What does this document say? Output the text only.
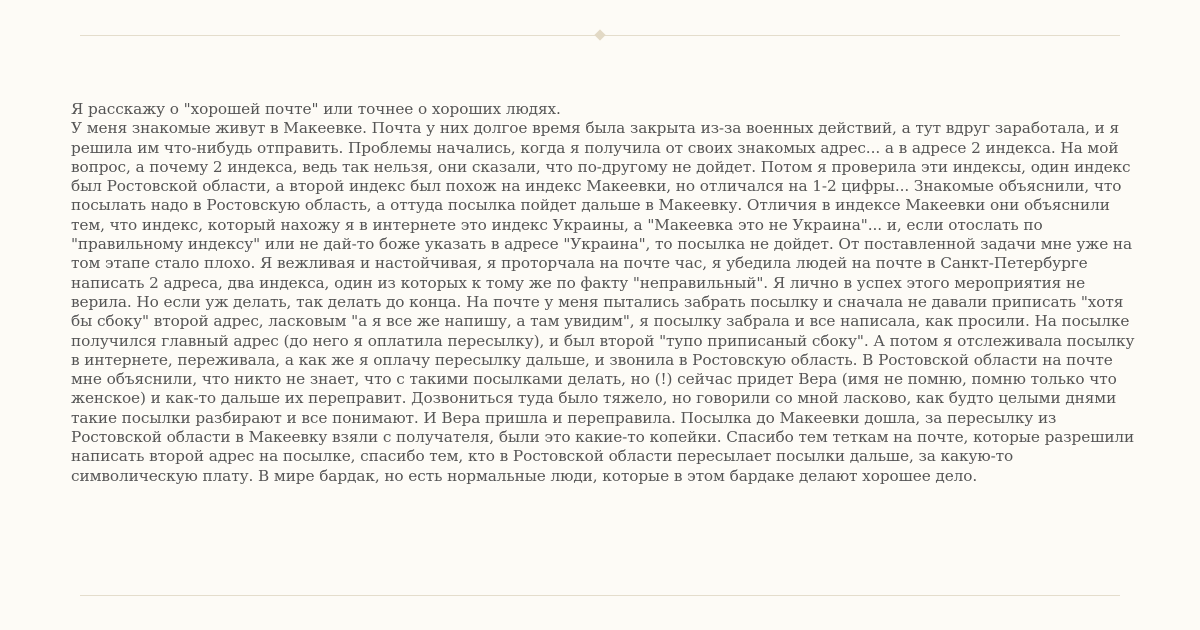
Я расскажу о "хорошей почте" или точнее о хороших людях.

У меня знакомые живут в Макеевке. Почта у них долгое время была закрыта из-за военных действий, а тут вдруг заработала, и я решила им что-нибудь отправить. Проблемы начались, когда я получила от своих знакомых адрес... а в адресе 2 индекса. На мой вопрос, а почему 2 индекса, ведь так нельзя, они сказали, что по-другому не дойдет. Потом я проверила эти индексы, один индекс был Ростовской области, а второй индекс был похож на индекс Макеевки, но отличался на 1-2 цифры... Знакомые объяснили, что посылать надо в Ростовскую область, а оттуда посылка пойдет дальше в Макеевку. Отличия в индексе Макеевки они объяснили тем, что индекс, который нахожу я в интернете это индекс Украины, а "Макеевка это не Украина"... и, если отослать по "правильному индексу" или не дай-то боже указать в адресе "Украина", то посылка не дойдет. От поставленной задачи мне уже на том этапе стало плохо. Я вежливая и настойчивая, я проторчала на почте час, я убедила людей на почте в Санкт-Петербурге написать 2 адреса, два индекса, один из которых к тому же по факту "неправильный". Я лично в успех этого мероприятия не верила. Но если уж делать, так делать до конца. На почте у меня пытались забрать посылку и сначала не давали приписать "хотя бы сбоку" второй адрес, ласковым "а я все же напишу, а там увидим", я посылку забрала и все написала, как просили. На посылке получился главный адрес (до него я оплатила пересылку), и был второй "тупо приписаный сбоку". А потом я отслеживала посылку в интернете, переживала, а как же я оплачу пересылку дальше, и звонила в Ростовскую область. В Ростовской области на почте мне объяснили, что никто не знает, что с такими посылками делать, но (!) сейчас придет Вера (имя не помню, помню только что женское) и как-то дальше их переправит. Дозвониться туда было тяжело, но говорили со мной ласково, как будто целыми днями такие посылки разбирают и все понимают. И Вера пришла и переправила. Посылка до Макеевки дошла, за пересылку из Ростовской области в Макеевку взяли с получателя, были это какие-то копейки. Спасибо тем теткам на почте, которые разрешили написать второй адрес на посылке, спасибо тем, кто в Ростовской области пересылает посылки дальше, за какую-то символическую плату. В мире бардак, но есть нормальные люди, которые в этом бардаке делают хорошее дело.
